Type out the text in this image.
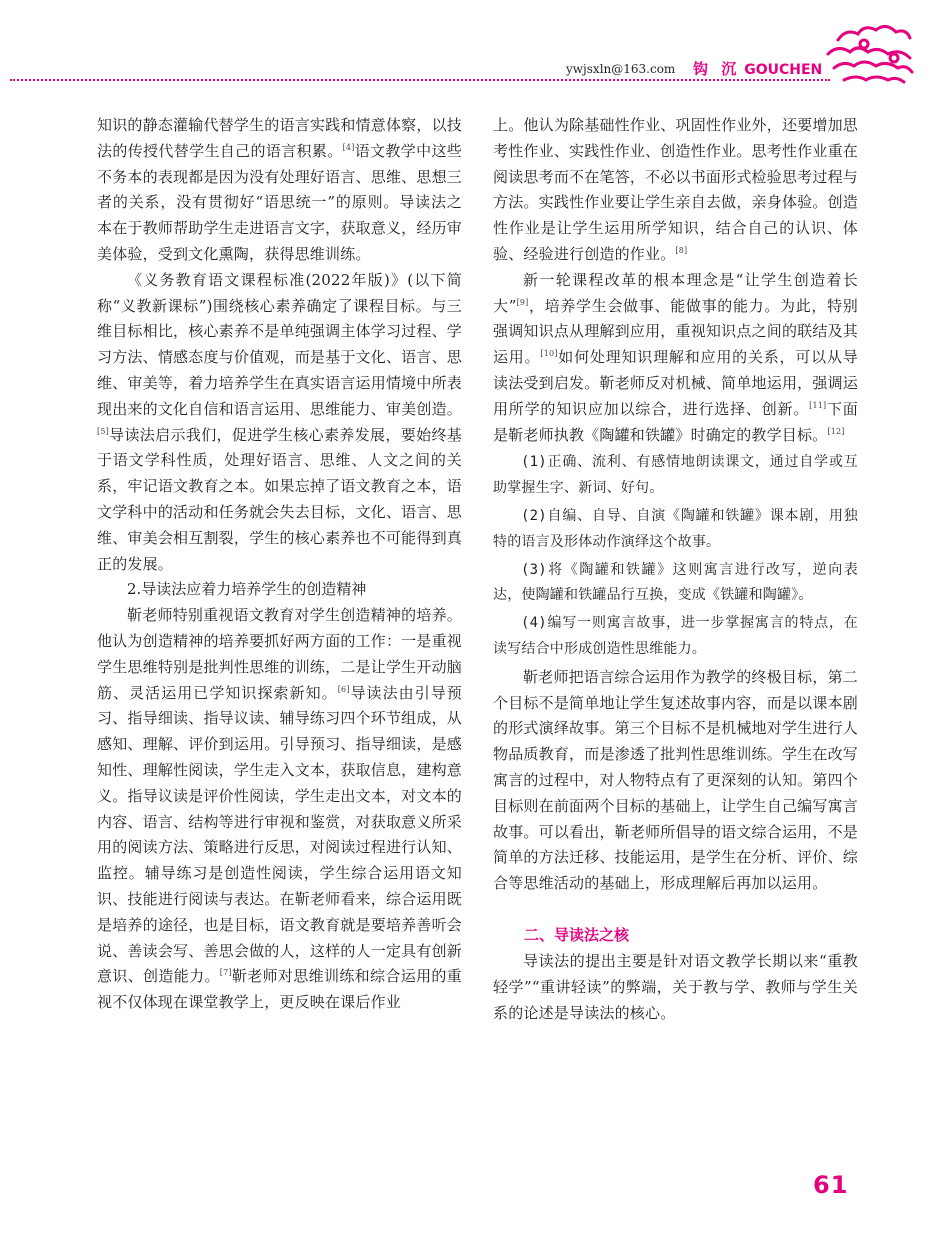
ywjsxln@163.com 钩 沉 GOUCHEN

知识的静态灌输代替学生的语言实践和情意体察，以技法的传授代替学生自己的语言积累。[4]语文教学中这些不务本的表现都是因为没有处理好语言、思维、思想三者的关系，没有贯彻好“语思统一”的原则。导读法之本在于教师帮助学生走进语言文字，获取意义，经历审美体验，受到文化熏陶，获得思维训练。

《义务教育语文课程标准(2022年版)》(以下简称“义教新课标”)围绕核心素养确定了课程目标。与三维目标相比，核心素养不是单纯强调主体学习过程、学习方法、情感态度与价值观，而是基于文化、语言、思维、审美等，着力培养学生在真实语言运用情境中所表现出来的文化自信和语言运用、思维能力、审美创造。[5]导读法启示我们，促进学生核心素养发展，要始终基于语文学科性质，处理好语言、思维、人文之间的关系，牢记语文教育之本。如果忘掉了语文教育之本，语文学科中的活动和任务就会失去目标，文化、语言、思维、审美会相互割裂，学生的核心素养也不可能得到真正的发展。

2.导读法应着力培养学生的创造精神

靳老师特别重视语文教育对学生创造精神的培养。他认为创造精神的培养要抓好两方面的工作：一是重视学生思维特别是批判性思维的训练，二是让学生开动脑筋、灵活运用已学知识探索新知。[6]导读法由引导预习、指导细读、指导议读、辅导练习四个环节组成，从感知、理解、评价到运用。引导预习、指导细读，是感知性、理解性阅读，学生走入文本，获取信息，建构意义。指导议读是评价性阅读，学生走出文本，对文本的内容、语言、结构等进行审视和鉴赏，对获取意义所采用的阅读方法、策略进行反思，对阅读过程进行认知、监控。辅导练习是创造性阅读，学生综合运用语文知识、技能进行阅读与表达。在靳老师看来，综合运用既是培养的途径，也是目标，语文教育就是要培养善听会说、善读会写、善思会做的人，这样的人一定具有创新意识、创造能力。[7]靳老师对思维训练和综合运用的重视不仅体现在课堂教学上，更反映在课后作业

上。他认为除基础性作业、巩固性作业外，还要增加思考性作业、实践性作业、创造性作业。思考性作业重在阅读思考而不在笔答，不必以书面形式检验思考过程与方法。实践性作业要让学生亲自去做，亲身体验。创造性作业是让学生运用所学知识，结合自己的认识、体验、经验进行创造的作业。[8]

新一轮课程改革的根本理念是“让学生创造着长大”[9]，培养学生会做事、能做事的能力。为此，特别强调知识点从理解到应用，重视知识点之间的联结及其运用。[10]如何处理知识理解和应用的关系，可以从导读法受到启发。靳老师反对机械、简单地运用，强调运用所学的知识应加以综合，进行选择、创新。[11]下面是靳老师执教《陶罐和铁罐》时确定的教学目标。[12]

(1)正确、流利、有感情地朗读课文，通过自学或互助掌握生字、新词、好句。

(2)自编、自导、自演《陶罐和铁罐》课本剧，用独特的语言及形体动作演绎这个故事。

(3)将《陶罐和铁罐》这则寓言进行改写，逆向表达，使陶罐和铁罐品行互换，变成《铁罐和陶罐》。

(4)编写一则寓言故事，进一步掌握寓言的特点，在读写结合中形成创造性思维能力。

靳老师把语言综合运用作为教学的终极目标，第二个目标不是简单地让学生复述故事内容，而是以课本剧的形式演绎故事。第三个目标不是机械地对学生进行人物品质教育，而是渗透了批判性思维训练。学生在改写寓言的过程中，对人物特点有了更深刻的认知。第四个目标则在前面两个目标的基础上，让学生自己编写寓言故事。可以看出，靳老师所倡导的语文综合运用，不是简单的方法迁移、技能运用，是学生在分析、评价、综合等思维活动的基础上，形成理解后再加以运用。

二、导读法之核

导读法的提出主要是针对语文教学长期以来“重教轻学”“重讲轻读”的弊端，关于教与学、教师与学生关系的论述是导读法的核心。

61
